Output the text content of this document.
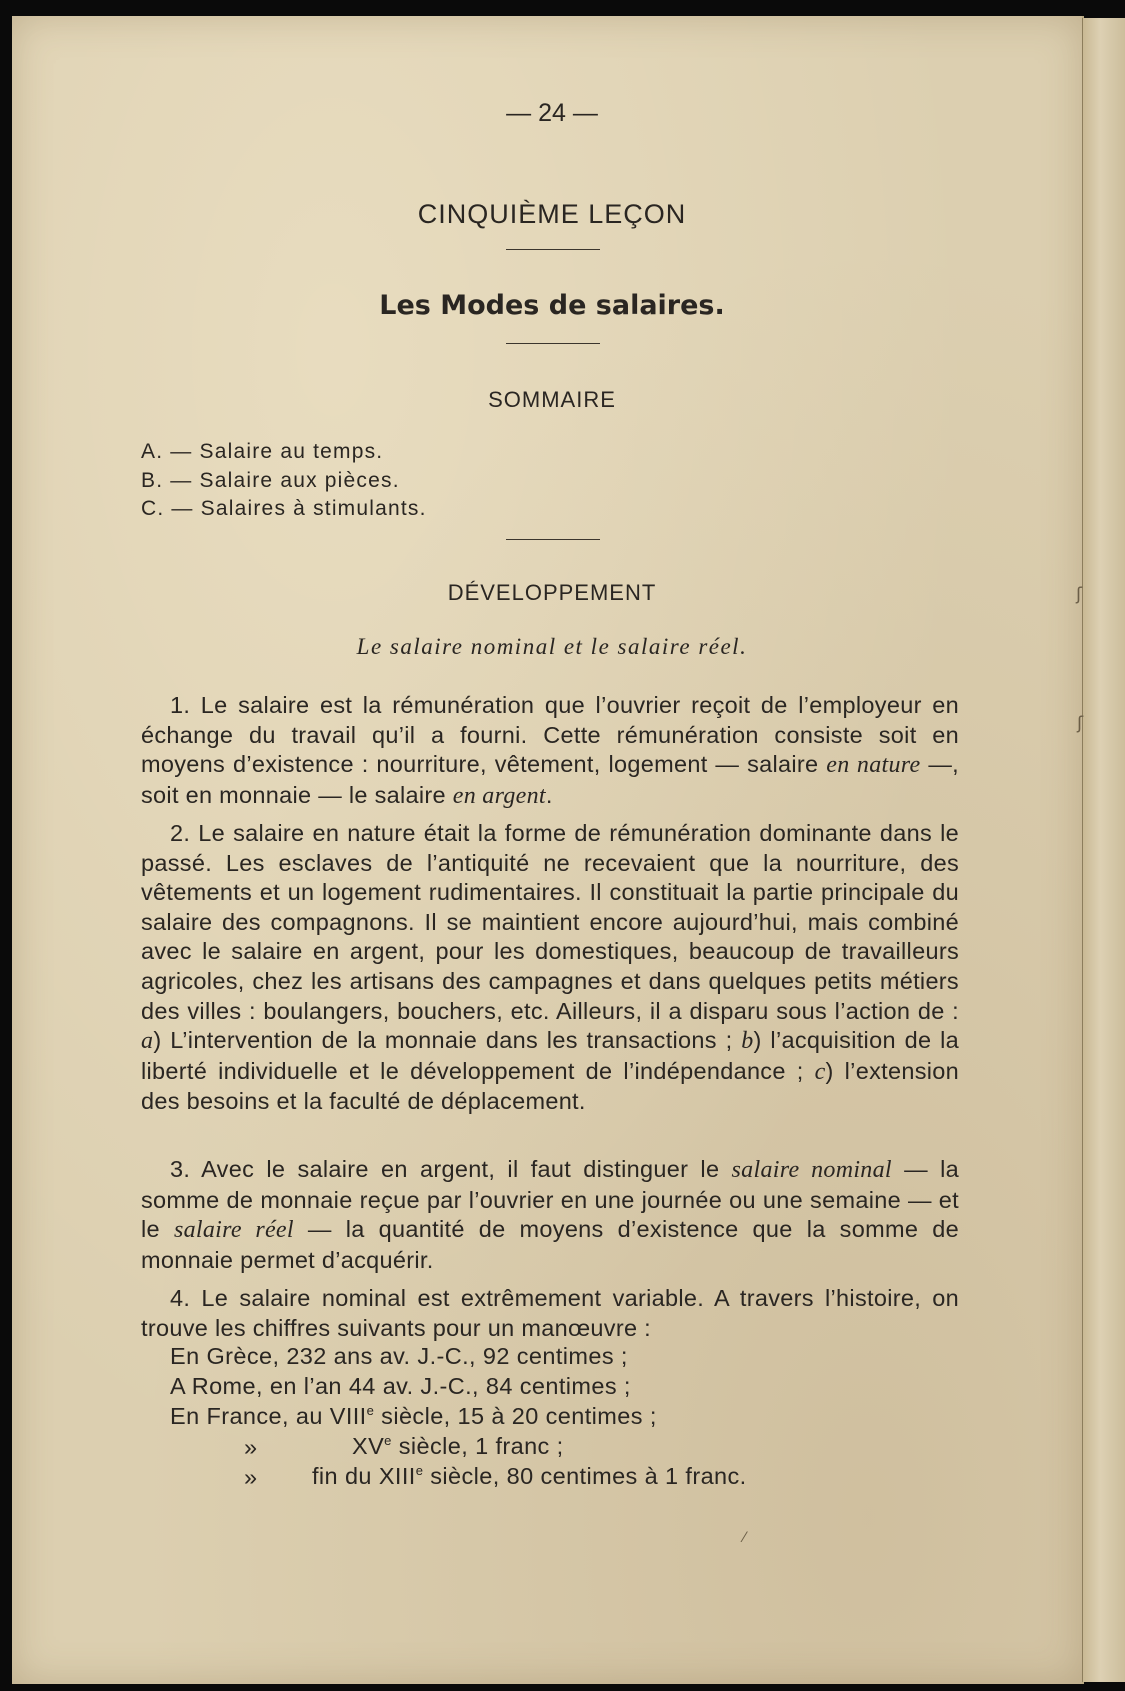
— 24 —
CINQUIÈME LEÇON
Les Modes de salaires.
SOMMAIRE
A. — Salaire au temps.
B. — Salaire aux pièces.
C. — Salaires à stimulants.
DÉVELOPPEMENT
Le salaire nominal et le salaire réel.
1. Le salaire est la rémunération que l’ouvrier reçoit de l’employeur en échange du travail qu’il a fourni. Cette rémunération consiste soit en moyens d’existence : nourriture, vêtement, logement — salaire en nature —, soit en monnaie — le salaire en argent.
2. Le salaire en nature était la forme de rémunération dominante dans le passé. Les esclaves de l’antiquité ne recevaient que la nourriture, des vêtements et un logement rudimentaires. Il constituait la partie principale du salaire des compagnons. Il se maintient encore aujourd’hui, mais combiné avec le salaire en argent, pour les domestiques, beaucoup de travailleurs agricoles, chez les artisans des campagnes et dans quelques petits métiers des villes : boulangers, bouchers, etc. Ailleurs, il a disparu sous l’action de : a) L’intervention de la monnaie dans les transactions ; b) l’acquisition de la liberté individuelle et le développement de l’indépendance ; c) l’extension des besoins et la faculté de déplacement.
3. Avec le salaire en argent, il faut distinguer le salaire nominal — la somme de monnaie reçue par l’ouvrier en une journée ou une semaine — et le salaire réel — la quantité de moyens d’existence que la somme de monnaie permet d’acquérir.
4. Le salaire nominal est extrêmement variable. A travers l’histoire, on trouve les chiffres suivants pour un manœuvre :
En Grèce, 232 ans av. J.-C., 92 centimes ;
A Rome, en l’an 44 av. J.-C., 84 centimes ;
En France, au VIIIe siècle, 15 à 20 centimes ;
»	XVe siècle, 1 franc ;
» fin du XIIIe siècle, 80 centimes à 1 franc.
ʃ
ʃ
⁄
